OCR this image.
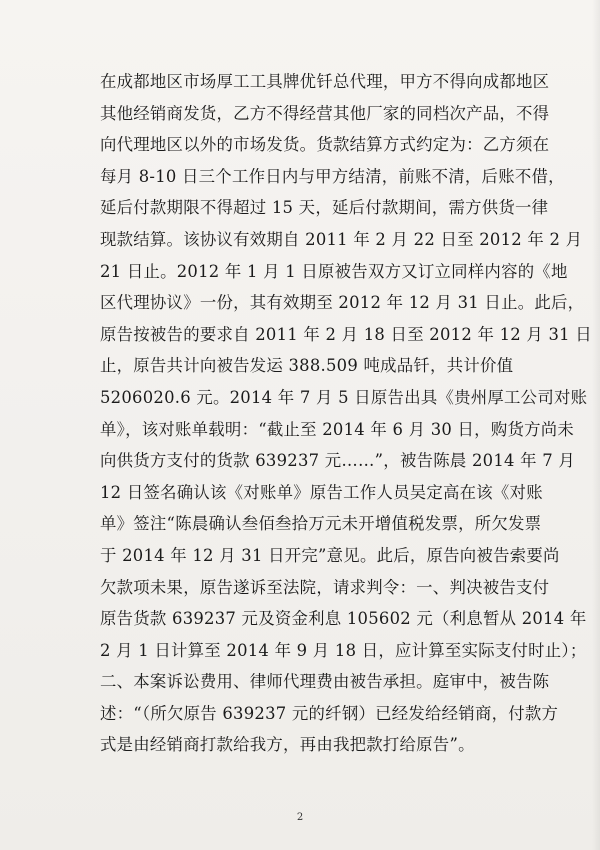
在成都地区市场厚工工具牌优钎总代理，甲方不得向成都地区
其他经销商发货，乙方不得经营其他厂家的同档次产品，不得
向代理地区以外的市场发货。货款结算方式约定为：乙方须在
每月 8-10 日三个工作日内与甲方结清，前账不清，后账不借，
延后付款期限不得超过 15 天，延后付款期间，需方供货一律
现款结算。该协议有效期自 2011 年 2 月 22 日至 2012 年 2 月
21 日止。2012 年 1 月 1 日原被告双方又订立同样内容的《地
区代理协议》一份，其有效期至 2012 年 12 月 31 日止。此后，
原告按被告的要求自 2011 年 2 月 18 日至 2012 年 12 月 31 日
止，原告共计向被告发运 388.509 吨成品钎，共计价值
5206020.6 元。2014 年 7 月 5 日原告出具《贵州厚工公司对账
单》，该对账单载明：“截止至 2014 年 6 月 30 日，购货方尚未
向供货方支付的货款 639237 元……”，被告陈晨 2014 年 7 月
12 日签名确认该《对账单》原告工作人员吴定高在该《对账
单》签注“陈晨确认叁佰叁拾万元未开增值税发票，所欠发票
于 2014 年 12 月 31 日开完”意见。此后，原告向被告索要尚
欠款项未果，原告遂诉至法院，请求判令：一、判决被告支付
原告货款 639237 元及资金利息 105602 元（利息暂从 2014 年
2 月 1 日计算至 2014 年 9 月 18 日，应计算至实际支付时止）；
二、本案诉讼费用、律师代理费由被告承担。庭审中，被告陈
述：“（所欠原告 639237 元的纤钢）已经发给经销商，付款方
式是由经销商打款给我方，再由我把款打给原告”。
2
